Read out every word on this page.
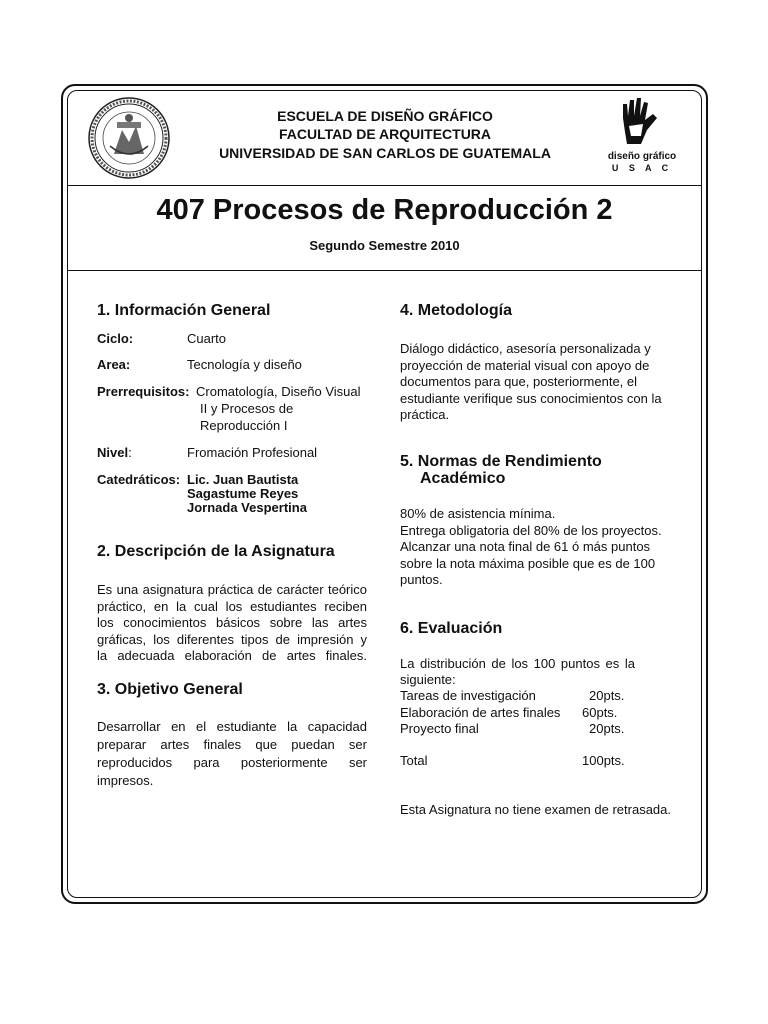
ESCUELA DE DISEÑO GRÁFICO
FACULTAD DE ARQUITECTURA
UNIVERSIDAD DE SAN CARLOS DE GUATEMALA	diseño gráfico
U S A C
407 Procesos de Reproducción 2
Segundo Semestre 2010
1. Información General
Ciclo:	Cuarto
Area:	Tecnología y diseño
Prerrequisitos: Cromatología, Diseño Visual
II y Procesos de
Reproducción I
Nivel:	Fromación Profesional
Catedráticos: Lic. Juan Bautista
Sagastume Reyes
Jornada Vespertina
2. Descripción de la Asignatura
Es una asignatura práctica de carácter teórico
práctico, en la cual los estudiantes reciben
los conocimientos básicos sobre las artes
gráficas, los diferentes tipos de impresión y
la adecuada elaboración de artes finales.
3. Objetivo General
Desarrollar en el estudiante la capacidad
preparar artes finales que puedan ser
reproducidos para posteriormente ser
impresos.
4. Metodología
Diálogo didáctico, asesoría personalizada y
proyección de material visual con apoyo de
documentos para que, posteriormente, el
estudiante verifique sus conocimientos con la
práctica.
5. Normas de Rendimiento
Académico
80% de asistencia mínima.
Entrega obligatoria del 80% de los proyectos.
Alcanzar una nota final de 61 ó más puntos
sobre la nota máxima posible que es de 100
puntos.
6. Evaluación
La distribución de los 100 puntos es la
siguiente:
Tareas de investigación	20pts.
Elaboración de artes finales 60pts.
Proyecto final	20pts.
Total	100pts.
Esta Asignatura no tiene examen de retrasada.
